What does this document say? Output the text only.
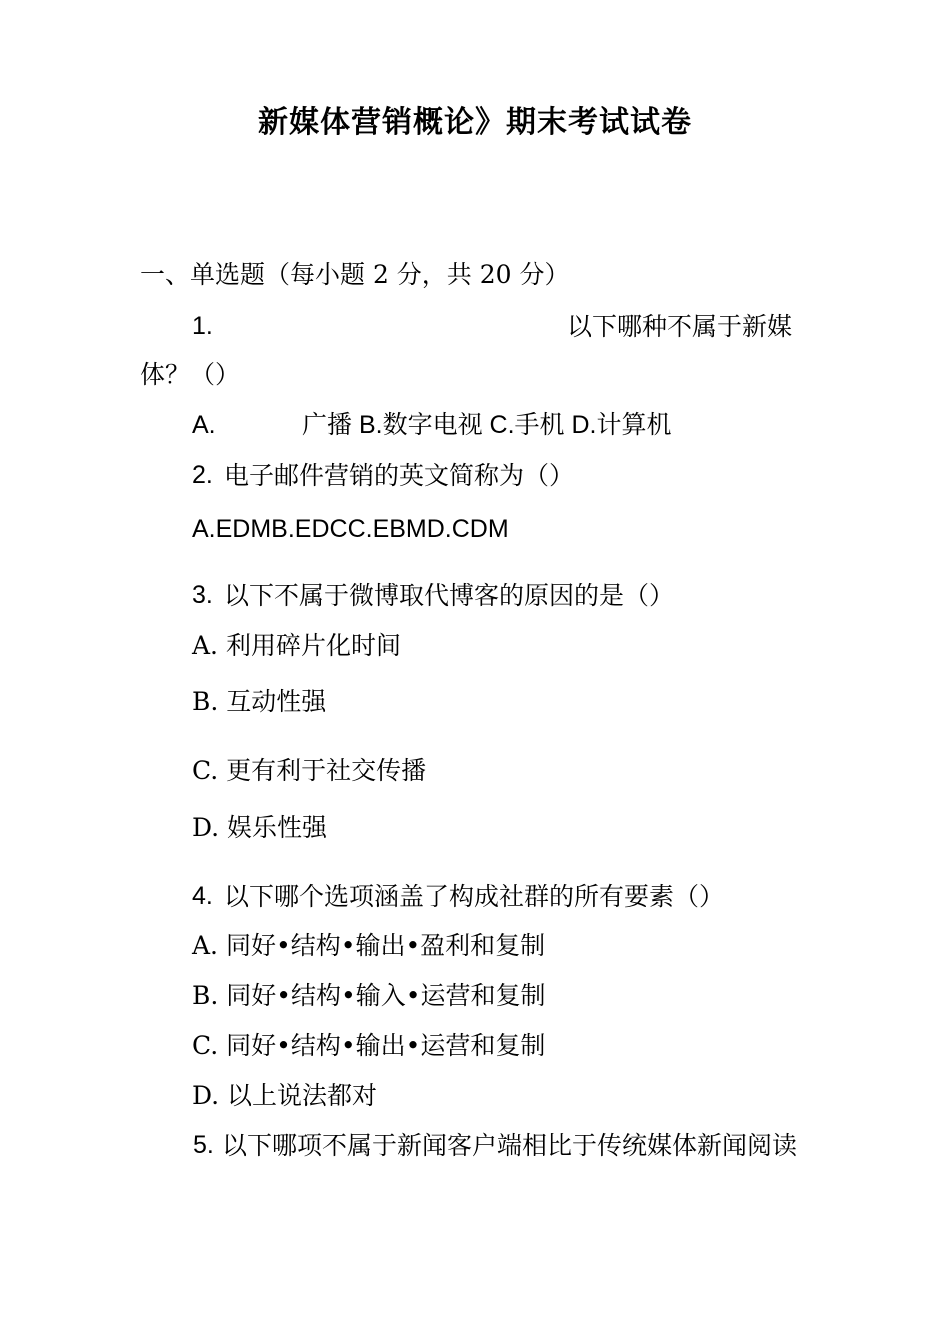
新媒体营销概论》期末考试试卷
一、单选题（每小题 2 分，共 20 分）
1.	以下哪种不属于新媒
体？（）
A.	广播 B.数字电视 C.手机 D.计算机
2. 电子邮件营销的英文简称为（）
A.EDMB.EDCC.EBMD.CDM
3. 以下不属于微博取代博客的原因的是（）
A. 利用碎片化时间
B. 互动性强
C. 更有利于社交传播
D. 娱乐性强
4. 以下哪个选项涵盖了构成社群的所有要素（）
A. 同好•结构•输出•盈利和复制
B. 同好•结构•输入•运营和复制
C. 同好•结构•输出•运营和复制
D. 以上说法都对
5. 以下哪项不属于新闻客户端相比于传统媒体新闻阅读
